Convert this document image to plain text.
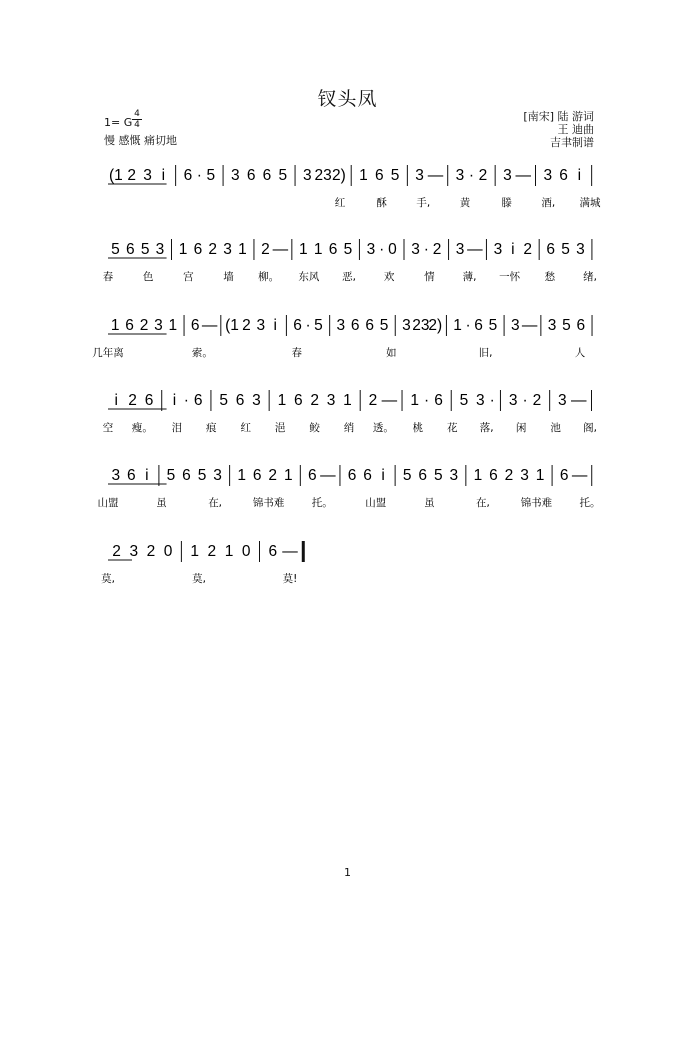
钗头凤
1= G
4
4
慢 感慨 痛切地
[南宋] 陆 游词
王 迪曲
吉聿制谱
(1 2 3 i 6 · 5 3 6 6 5 3 23 2) 1 6 5 3 — 3 · 2 3 — 3 6 i
红	酥	手,	黄	滕	酒, 满城
5 6 5 3 1 6 2 3 1 2 — 1 1 6 5 3 · 0 3 · 2 3 — 3 i 2 6 5 3
春	色	宫	墙 柳。 东风 恶,	欢	情	薄, 一怀 愁	绪,
1 6 2 3 1 6 — (1 2 3 i 6 · 5 3 6 6 5 3 23
2) 1 · 6 5 3 — 3 5 6
几年离	索。	春	如	旧,	人
i 2 6 i · 6 5 6 3 1 6 2 3 1 2 — 1 · 6 5 3 · 3 · 2 3 —
空 瘦。 泪 痕 红 浥 鲛 绡 透。 桃 花 落, 闲 池 阁,
3 6 i 5 6 5 3 1 6 2 1 6 — 6 6 i 5 6 5 3 1 6 2 3 1 6 —
山盟	虽	在,	锦书难	托。	山盟	虽	在,	锦书难	托。
2 3 2 0 1 2 1 0 6 —
莫,	莫,	莫!
1
